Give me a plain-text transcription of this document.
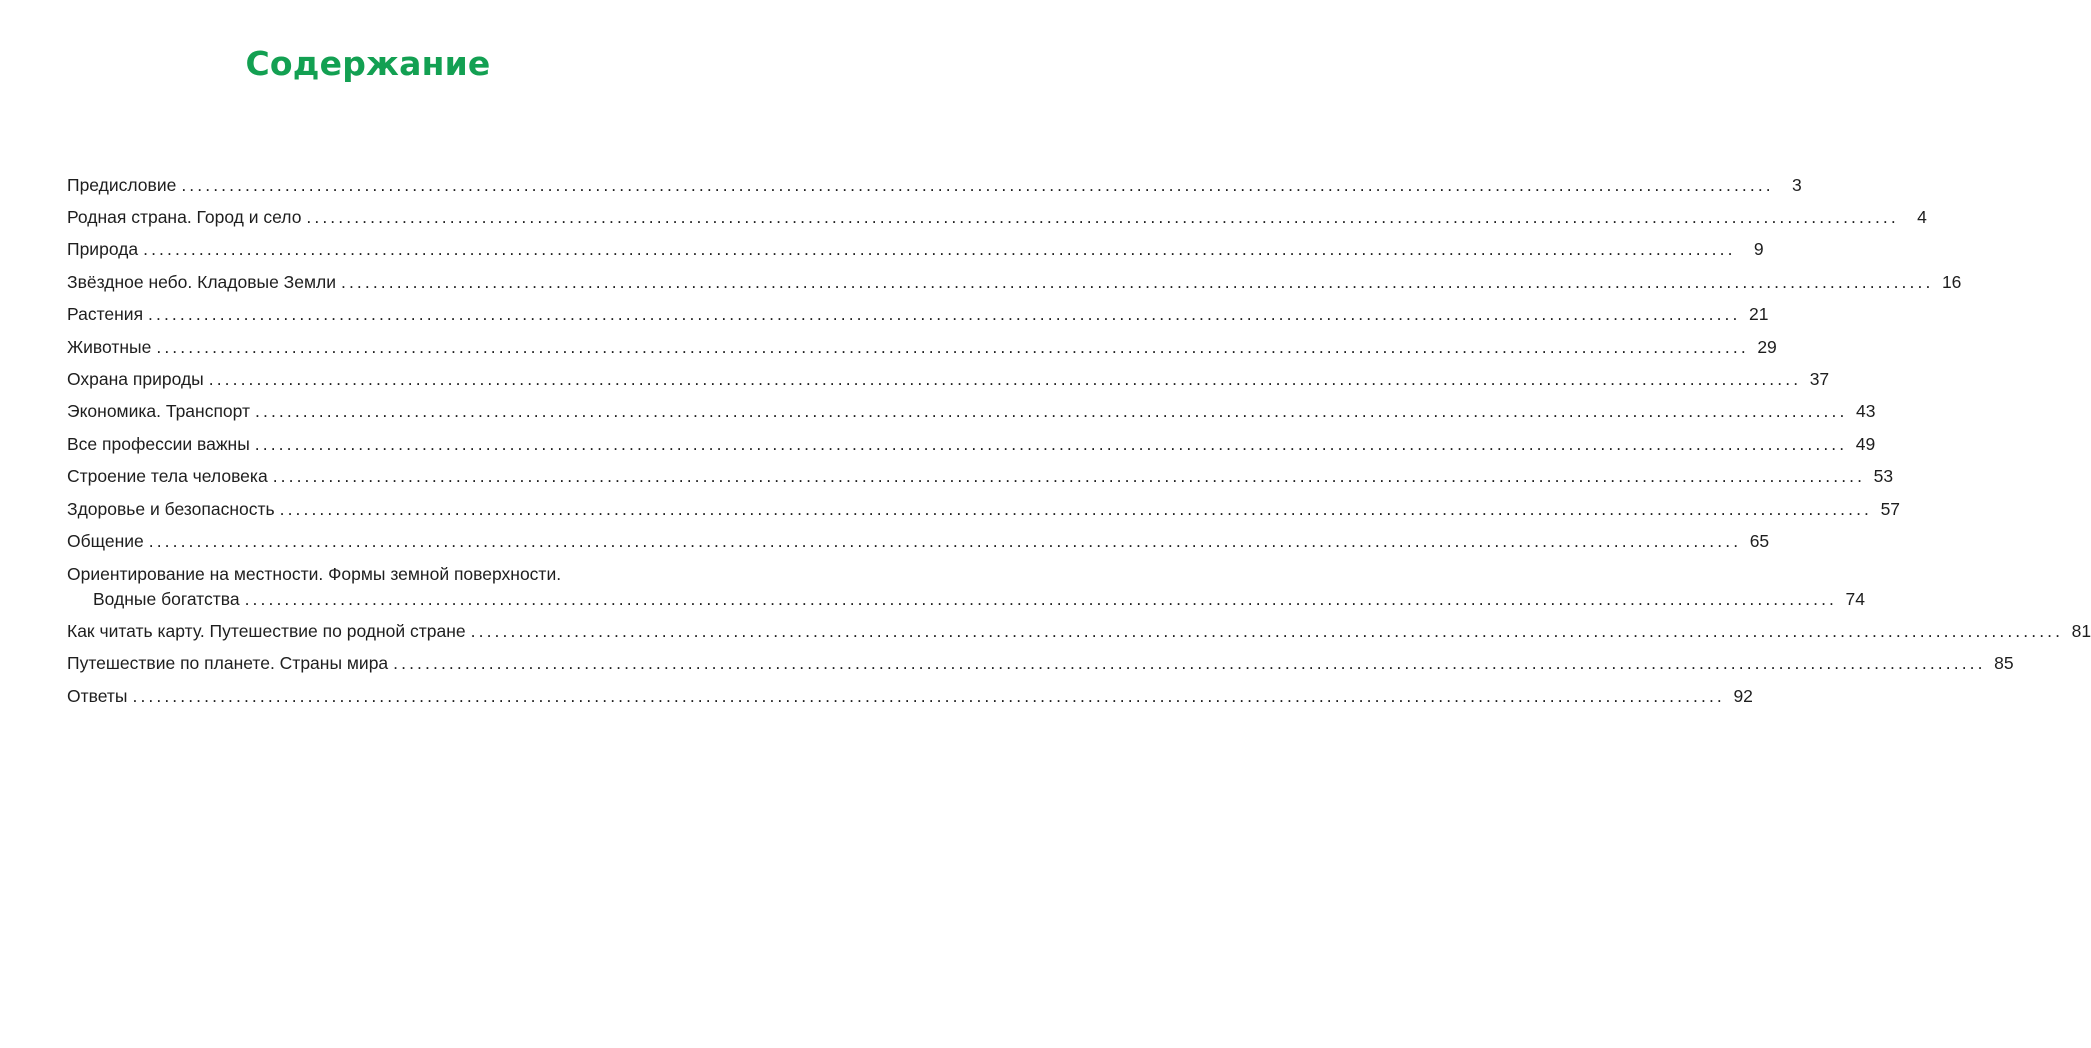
Содержание
Предисловие ........................................................................................................................................................................................................	3
Родная страна. Город и село ........................................................................................................................................................................................................	4
Природа ........................................................................................................................................................................................................	9
Звёздное небо. Кладовые Земли ........................................................................................................................................................................................................ 16
Растения ........................................................................................................................................................................................................ 21
Животные ........................................................................................................................................................................................................ 29
Охрана природы ........................................................................................................................................................................................................ 37
Экономика. Транспорт ........................................................................................................................................................................................................ 43
Все профессии важны ........................................................................................................................................................................................................ 49
Строение тела человека ........................................................................................................................................................................................................ 53
Здоровье и безопасность ........................................................................................................................................................................................................ 57
Общение ........................................................................................................................................................................................................ 65
Ориентирование на местности. Формы земной поверхности.
Водные богатства ........................................................................................................................................................................................................ 74
Как читать карту. Путешествие по родной стране ........................................................................................................................................................................................................ 81
Путешествие по планете. Страны мира ........................................................................................................................................................................................................ 85
Ответы ........................................................................................................................................................................................................ 92
